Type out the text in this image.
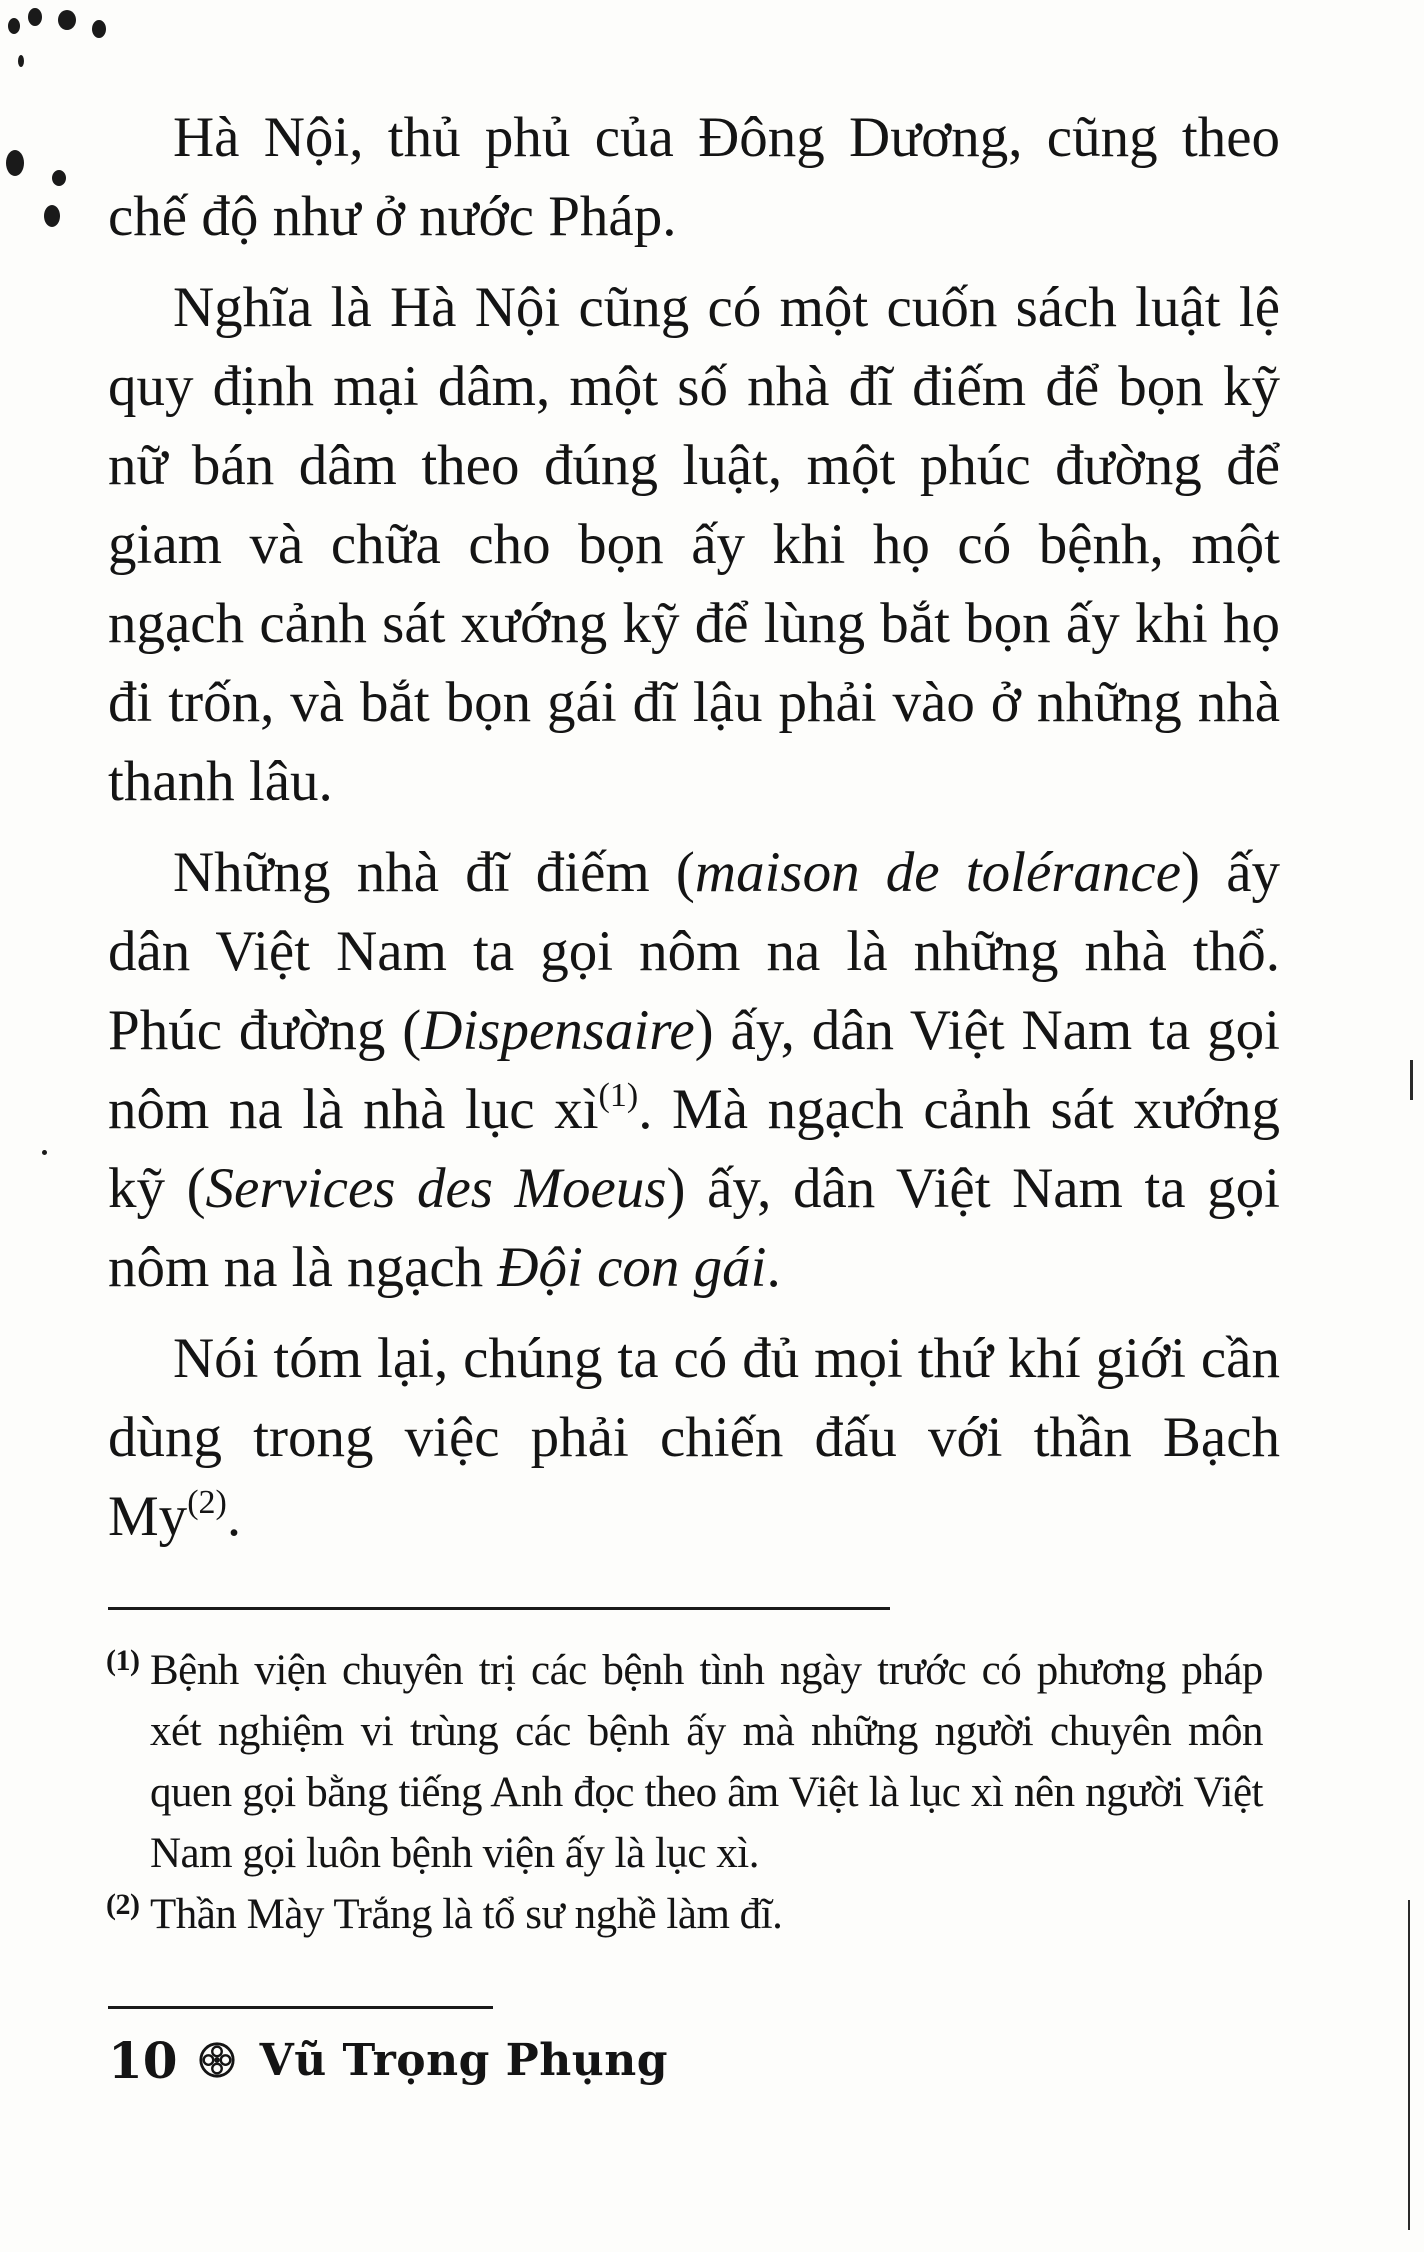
Hà Nội, thủ phủ của Đông Dương, cũng theo chế độ như ở nước Pháp.

Nghĩa là Hà Nội cũng có một cuốn sách luật lệ quy định mại dâm, một số nhà đĩ điếm để bọn kỹ nữ bán dâm theo đúng luật, một phúc đường để giam và chữa cho bọn ấy khi họ có bệnh, một ngạch cảnh sát xướng kỹ để lùng bắt bọn ấy khi họ đi trốn, và bắt bọn gái đĩ lậu phải vào ở những nhà thanh lâu.

Những nhà đĩ điếm (maison de tolérance) ấy dân Việt Nam ta gọi nôm na là những nhà thổ. Phúc đường (Dispensaire) ấy, dân Việt Nam ta gọi nôm na là nhà lục $xì^{(1)}$. Mà ngạch cảnh sát xướng kỹ (Services des Moeus) ấy, dân Việt Nam ta gọi nôm na là ngạch Đội con gái.

Nói tóm lại, chúng ta có đủ mọi thứ khí giới cần dùng trong việc phải chiến đấu với thần Bạch My$^{(2)}$.

(1) Bệnh viện chuyên trị các bệnh tình ngày trước có phương pháp xét nghiệm vi trùng các bệnh ấy mà những người chuyên môn quen gọi bằng tiếng Anh đọc theo âm Việt là lục xì nên người Việt Nam gọi luôn bệnh viện ấy là lục xì.
(2) Thần Mày Trắng là tổ sư nghề làm đĩ.
10 Vũ Trọng Phụng
